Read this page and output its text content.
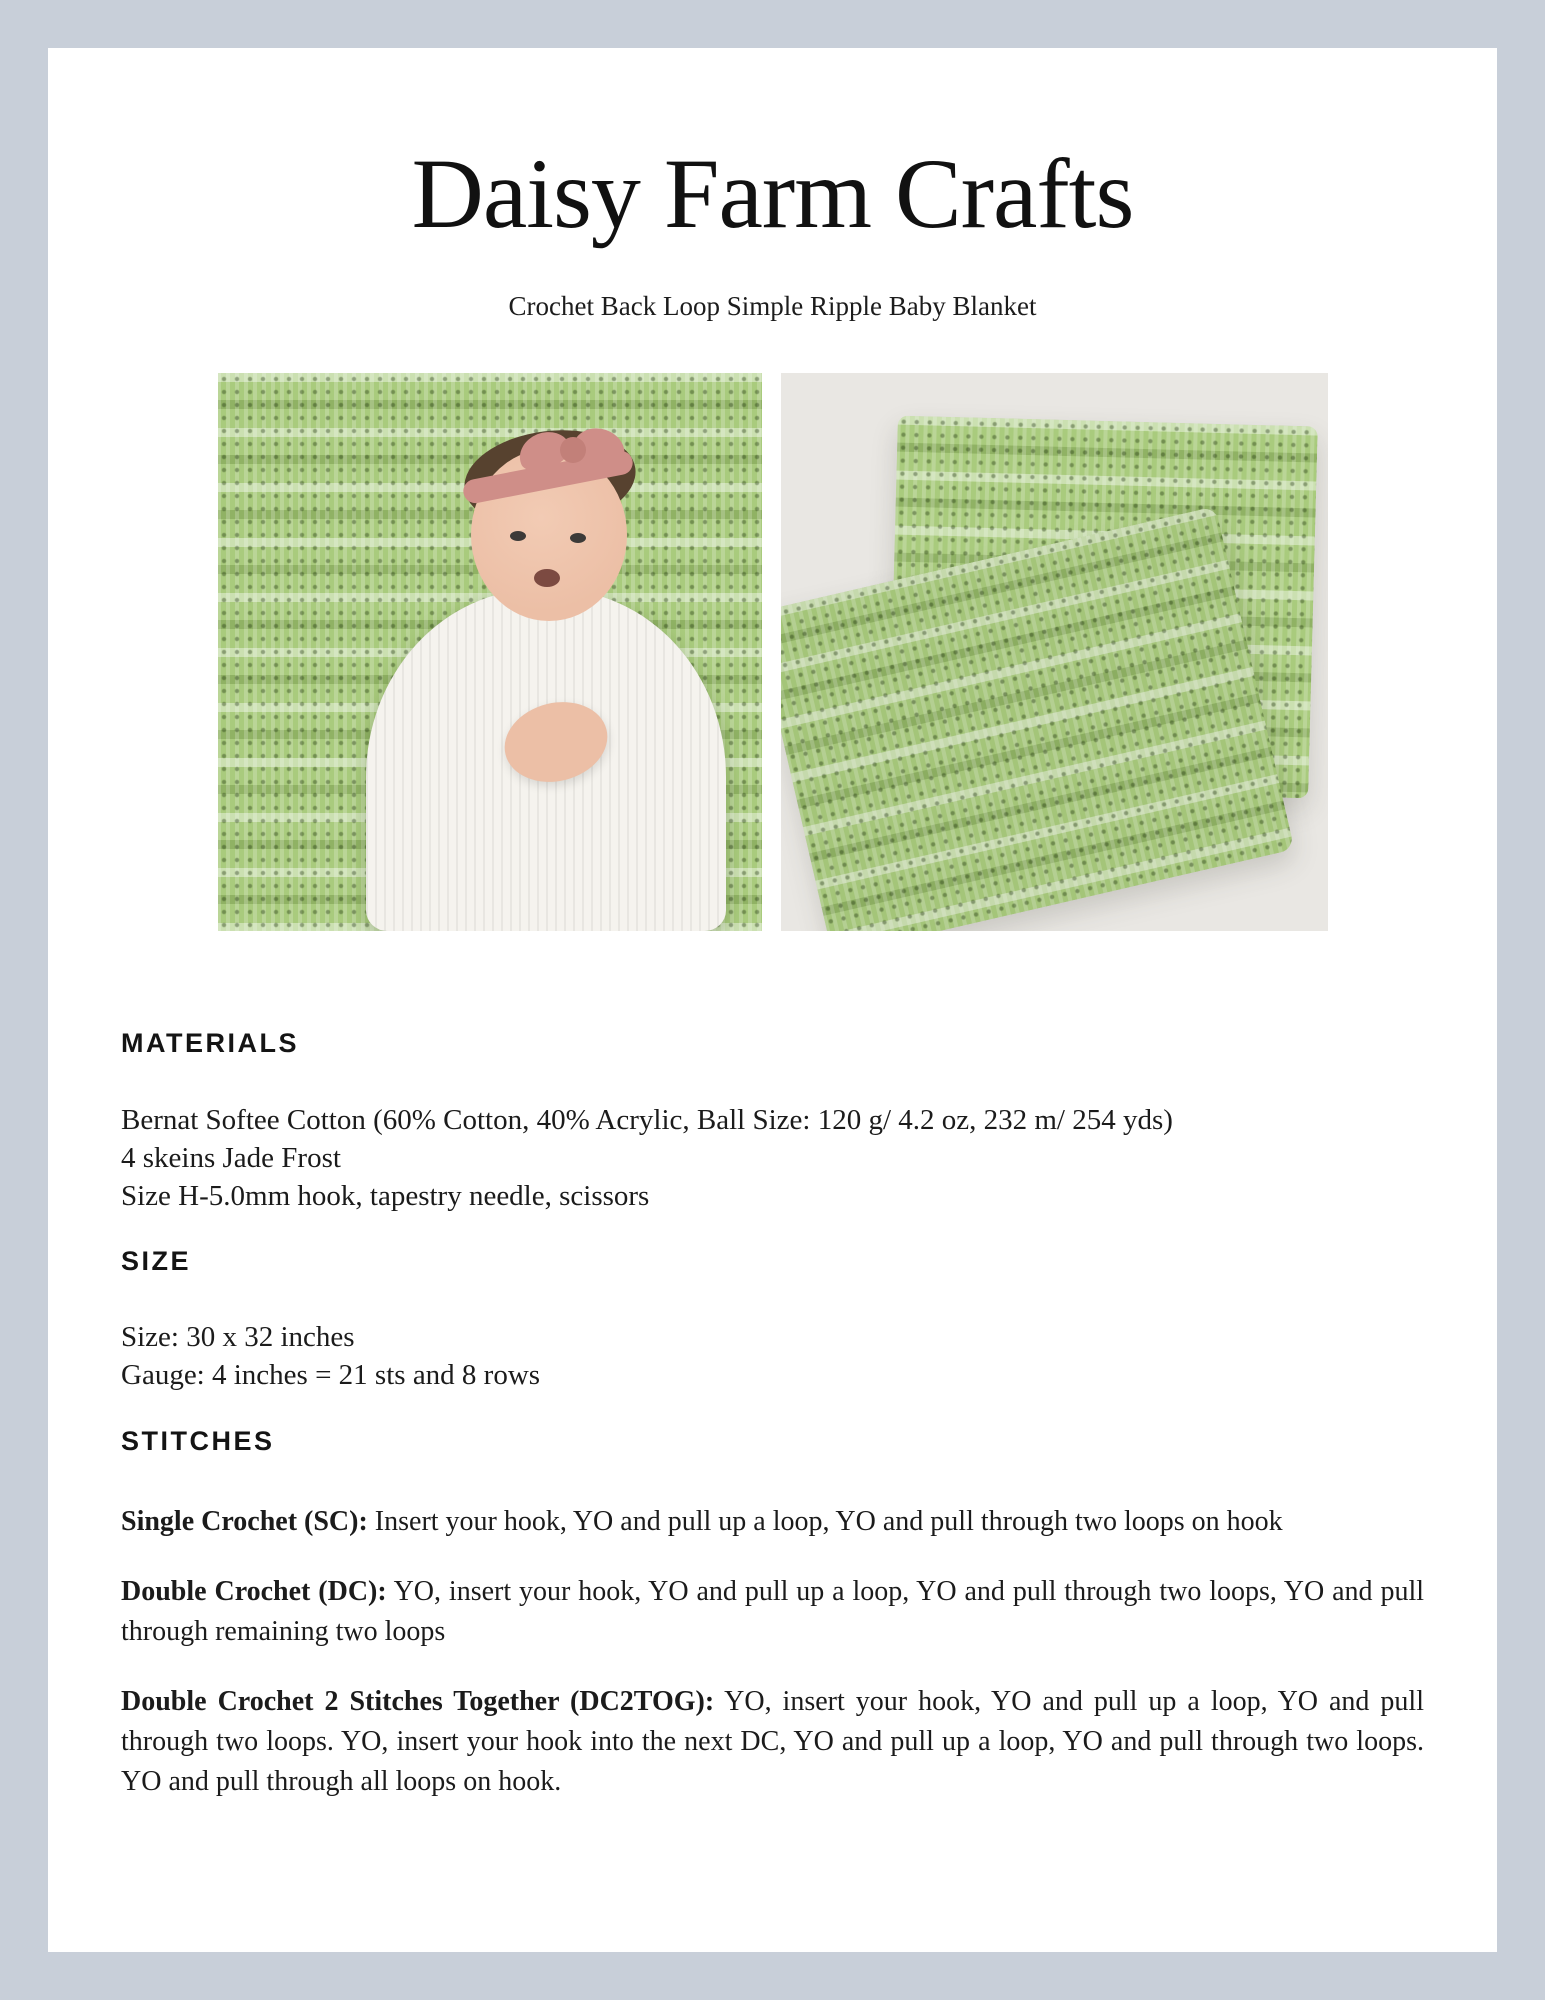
Daisy Farm Crafts
Crochet Back Loop Simple Ripple Baby Blanket
MATERIALS
Bernat Softee Cotton (60% Cotton, 40% Acrylic, Ball Size: 120 g/ 4.2 oz, 232 m/ 254 yds)
4 skeins Jade Frost
Size H-5.0mm hook, tapestry needle, scissors
SIZE
Size: 30 x 32 inches
Gauge: 4 inches = 21 sts and 8 rows
STITCHES

Single Crochet (SC): Insert your hook, YO and pull up a loop, YO and pull through two loops on hook

Double Crochet (DC): YO, insert your hook, YO and pull up a loop, YO and pull through two loops, YO and pull through remaining two loops

Double Crochet 2 Stitches Together (DC2TOG): YO, insert your hook, YO and pull up a loop, YO and pull through two loops. YO, insert your hook into the next DC, YO and pull up a loop, YO and pull through two loops. YO and pull through all loops on hook.
